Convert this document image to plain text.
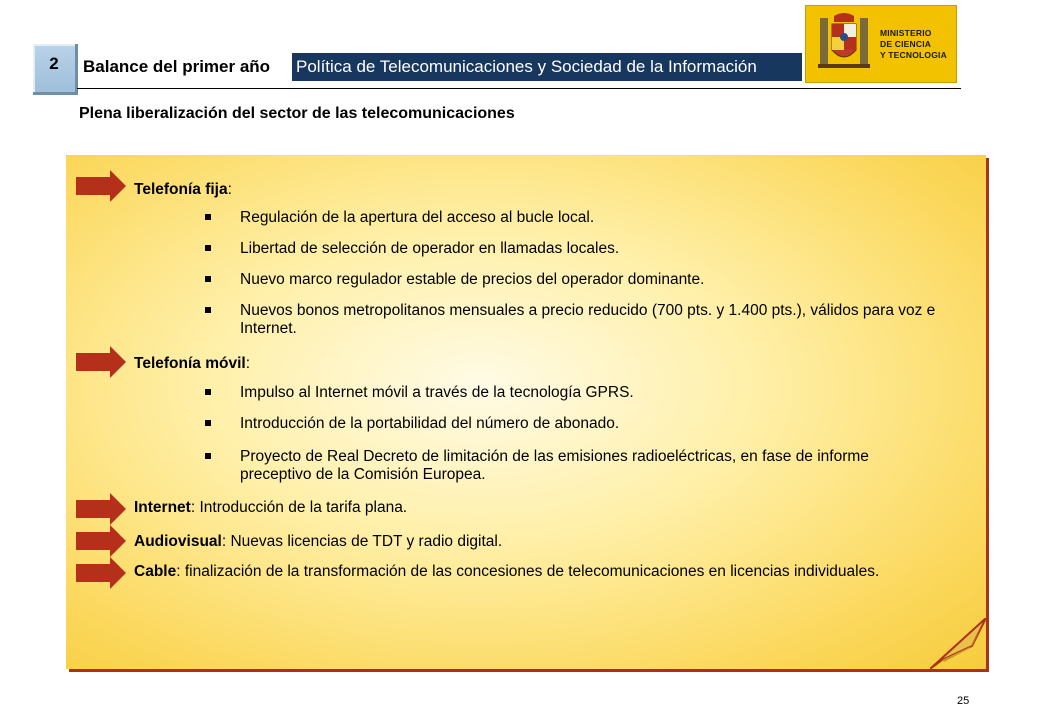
2	Balance del primer año Política de Telecomunicaciones y Sociedad de la Información
MINISTERIO
DE CIENCIA
Y TECNOLOGIA
Plena liberalización del sector de las telecomunicaciones
Telefonía fija:
Regulación de la apertura del acceso al bucle local.
Libertad de selección de operador en llamadas locales.
Nuevo marco regulador estable de precios del operador dominante.
Nuevos bonos metropolitanos mensuales a precio reducido (700 pts. y 1.400 pts.), válidos para voz e Internet.
Telefonía móvil:
Impulso al Internet móvil a través de la tecnología GPRS.
Introducción de la portabilidad del número de abonado.
Proyecto de Real Decreto de limitación de las emisiones radioeléctricas, en fase de informe preceptivo de la Comisión Europea.
Internet: Introducción de la tarifa plana.
Audiovisual: Nuevas licencias de TDT y radio digital.
Cable: finalización de la transformación de las concesiones de telecomunicaciones en licencias individuales.
25
